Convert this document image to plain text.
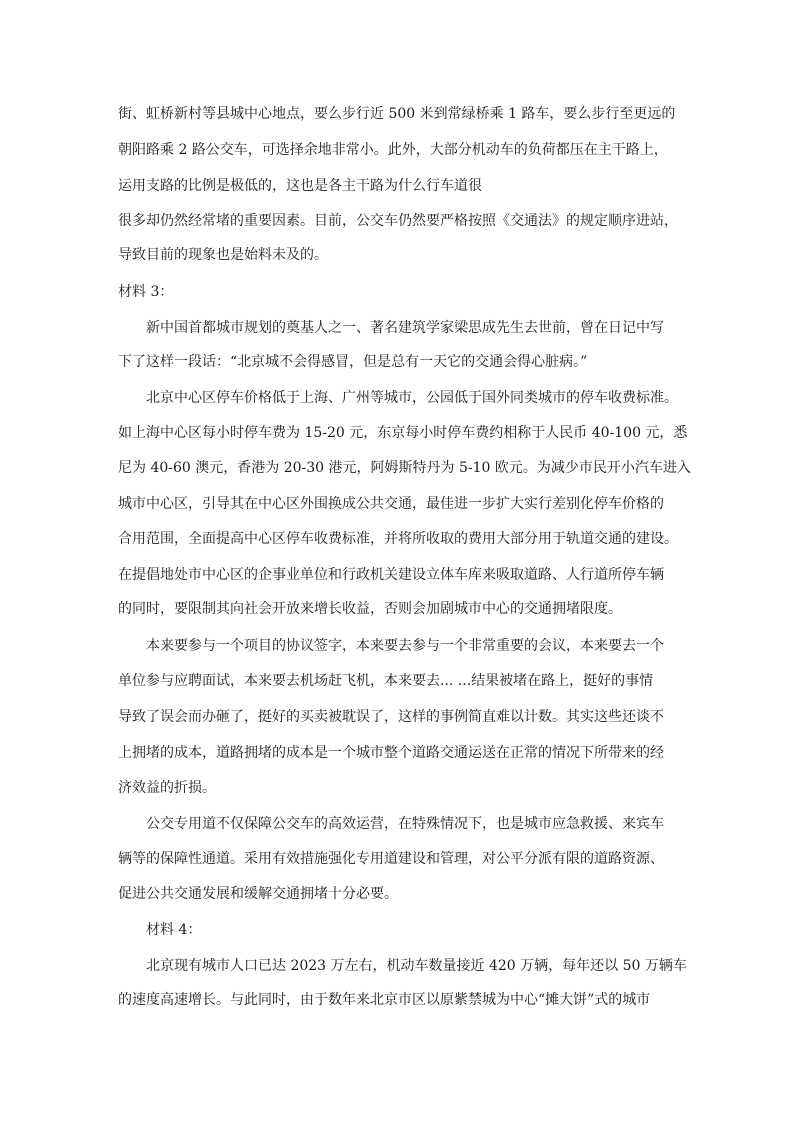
街、虹桥新村等县城中心地点，要么步行近 500 米到常绿桥乘 1 路车，要么步行至更远的
朝阳路乘 2 路公交车，可选择余地非常小。此外，大部分机动车的负荷都压在主干路上，
运用支路的比例是极低的，这也是各主干路为什么行车道很
很多却仍然经常堵的重要因素。目前，公交车仍然要严格按照《交通法》的规定顺序进站，
导致目前的现象也是始料未及的。
材料 3：
新中国首都城市规划的奠基人之一、著名建筑学家梁思成先生去世前，曾在日记中写
下了这样一段话：“北京城不会得感冒，但是总有一天它的交通会得心脏病。”
北京中心区停车价格低于上海、广州等城市，公园低于国外同类城市的停车收费标准。
如上海中心区每小时停车费为 15-20 元，东京每小时停车费约相称于人民币 40-100 元，悉
尼为 40-60 澳元，香港为 20-30 港元，阿姆斯特丹为 5-10 欧元。为减少市民开小汽车进入
城市中心区，引导其在中心区外围换成公共交通，最佳进一步扩大实行差别化停车价格的
合用范围，全面提高中心区停车收费标准，并将所收取的费用大部分用于轨道交通的建设。
在提倡地处市中心区的企事业单位和行政机关建设立体车库来吸取道路、人行道所停车辆
的同时，要限制其向社会开放来增长收益，否则会加剧城市中心的交通拥堵限度。
本来要参与一个项目的协议签字，本来要去参与一个非常重要的会议，本来要去一个
单位参与应聘面试，本来要去机场赶飞机，本来要去... ...结果被堵在路上，挺好的事情
导致了误会而办砸了，挺好的买卖被耽误了，这样的事例简直难以计数。其实这些还谈不
上拥堵的成本，道路拥堵的成本是一个城市整个道路交通运送在正常的情况下所带来的经
济效益的折损。
公交专用道不仅保障公交车的高效运营，在特殊情况下，也是城市应急救援、来宾车
辆等的保障性通道。采用有效措施强化专用道建设和管理，对公平分派有限的道路资源、
促进公共交通发展和缓解交通拥堵十分必要。
材料 4：
北京现有城市人口已达 2023 万左右，机动车数量接近 420 万辆，每年还以 50 万辆车
的速度高速增长。与此同时，由于数年来北京市区以原紫禁城为中心“摊大饼”式的城市
